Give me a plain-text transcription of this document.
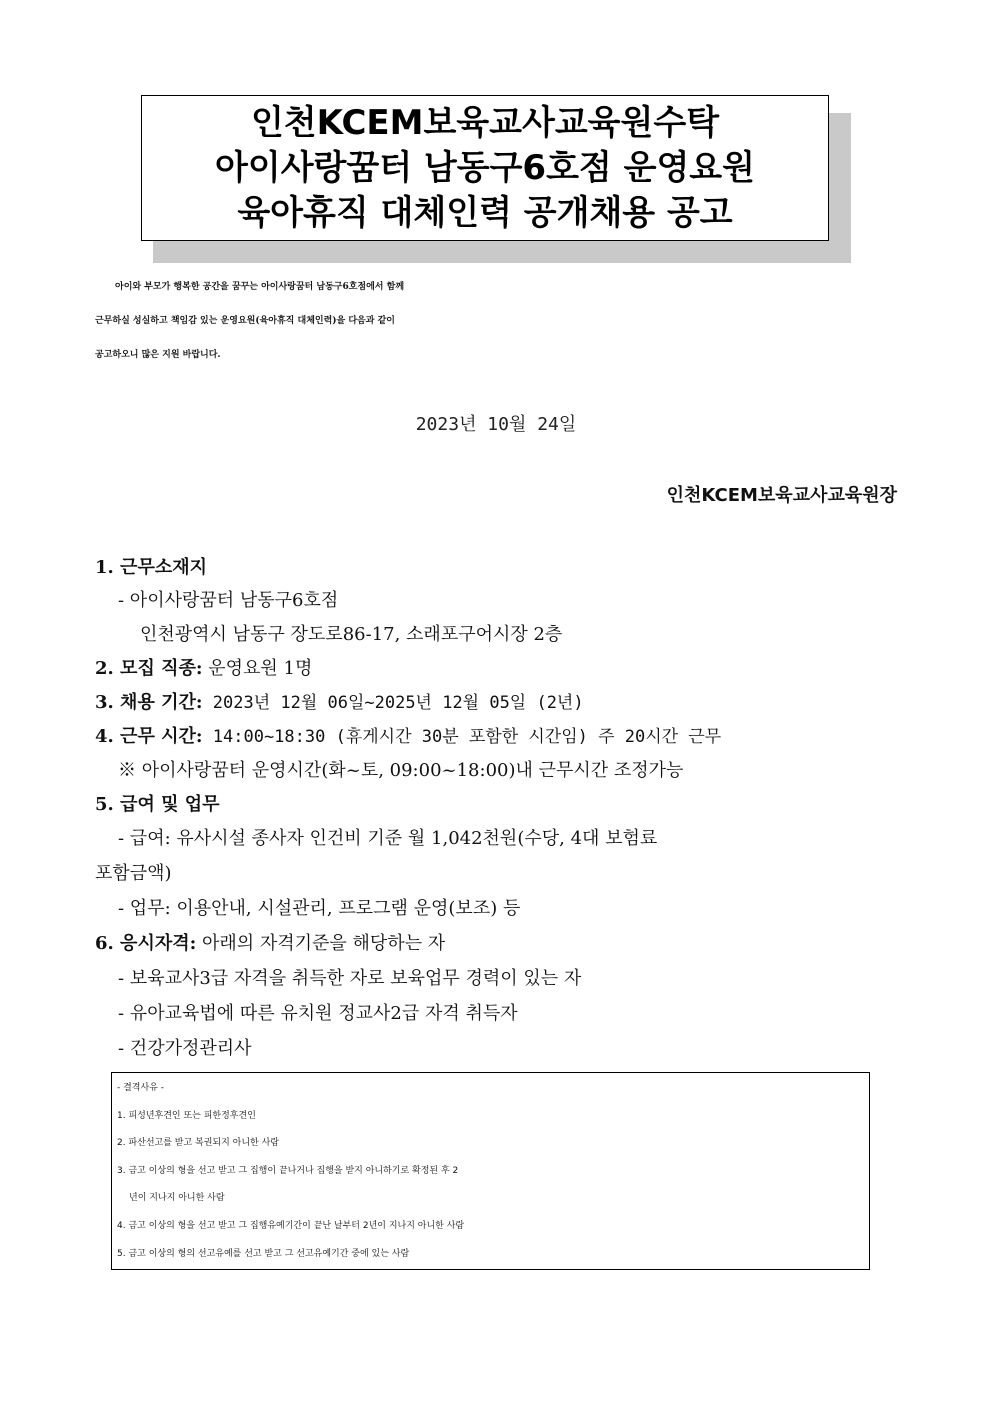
인천KCEM보육교사교육원수탁
아이사랑꿈터 남동구6호점 운영요원
육아휴직 대체인력 공개채용 공고
아이와 부모가 행복한 공간을 꿈꾸는 아이사랑꿈터 남동구6호점에서 함께
근무하실 성실하고 책임감 있는 운영요원(육아휴직 대체인력)을 다음과 같이
공고하오니 많은 지원 바랍니다.
2023년 10월 24일
인천KCEM보육교사교육원장
1. 근무소재지
- 아이사랑꿈터 남동구6호점
인천광역시 남동구 장도로86-17, 소래포구어시장 2층
2. 모집 직종: 운영요원 1명
3. 채용 기간: 2023년 12월 06일~2025년 12월 05일 (2년)
4. 근무 시간: 14:00~18:30 (휴게시간 30분 포함한 시간임) 주 20시간 근무
※ 아이사랑꿈터 운영시간(화~토, 09:00~18:00)내 근무시간 조정가능
5. 급여 및 업무
- 급여: 유사시설 종사자 인건비 기준 월 1,042천원(수당, 4대 보험료
포함금액)
- 업무: 이용안내, 시설관리, 프로그램 운영(보조) 등
6. 응시자격: 아래의 자격기준을 해당하는 자
- 보육교사3급 자격을 취득한 자로 보육업무 경력이 있는 자
- 유아교육법에 따른 유치원 정교사2급 자격 취득자
- 건강가정관리사
- 결격사유 -
1. 피성년후견인 또는 피한정후견인
2. 파산선고를 받고 복권되지 아니한 사람
3. 금고 이상의 형을 선고 받고 그 집행이 끝나거나 집행을 받지 아니하기로 확정된 후 2
년이 지나지 아니한 사람
4. 금고 이상의 형을 선고 받고 그 집행유예기간이 끝난 날부터 2년이 지나지 아니한 사람
5. 금고 이상의 형의 선고유예를 선고 받고 그 선고유예기간 중에 있는 사람
